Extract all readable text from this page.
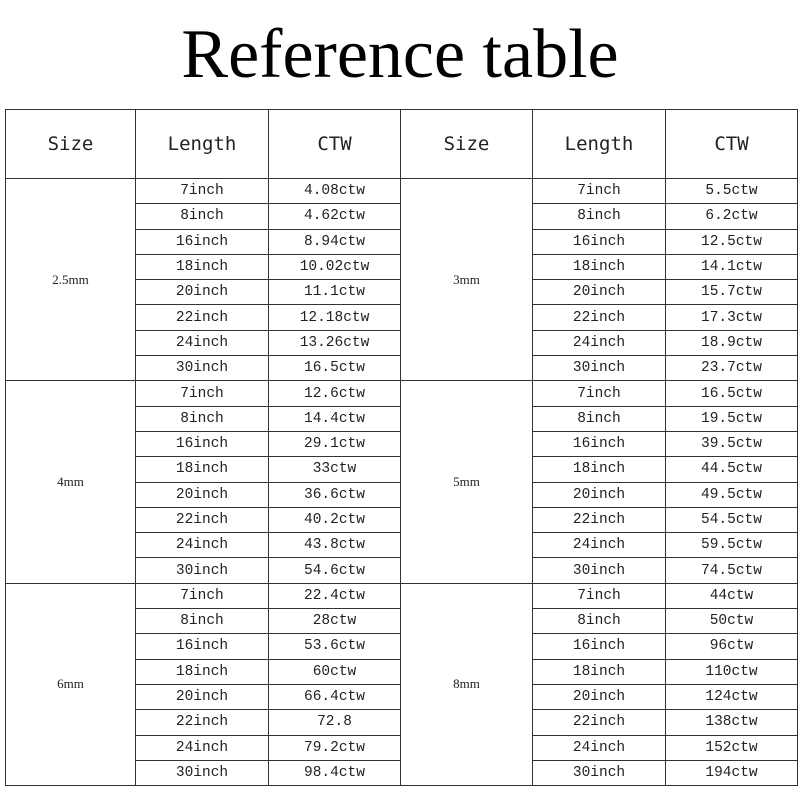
Reference table
Size	Length	CTW	Size	Length	CTW
2.5mm	7inch	4.08ctw	3mm	7inch	5.5ctw
	8inch	4.62ctw		8inch	6.2ctw
	16inch	8.94ctw		16inch	12.5ctw
	18inch	10.02ctw		18inch	14.1ctw
	20inch	11.1ctw		20inch	15.7ctw
	22inch	12.18ctw		22inch	17.3ctw
	24inch	13.26ctw		24inch	18.9ctw
	30inch	16.5ctw		30inch	23.7ctw
4mm	7inch	12.6ctw	5mm	7inch	16.5ctw
	8inch	14.4ctw		8inch	19.5ctw
	16inch	29.1ctw		16inch	39.5ctw
	18inch	33ctw		18inch	44.5ctw
	20inch	36.6ctw		20inch	49.5ctw
	22inch	40.2ctw		22inch	54.5ctw
	24inch	43.8ctw		24inch	59.5ctw
	30inch	54.6ctw		30inch	74.5ctw
6mm	7inch	22.4ctw	8mm	7inch	44ctw
	8inch	28ctw		8inch	50ctw
	16inch	53.6ctw		16inch	96ctw
	18inch	60ctw		18inch	110ctw
	20inch	66.4ctw		20inch	124ctw
	22inch	72.8		22inch	138ctw
	24inch	79.2ctw		24inch	152ctw
	30inch	98.4ctw		30inch	194ctw
